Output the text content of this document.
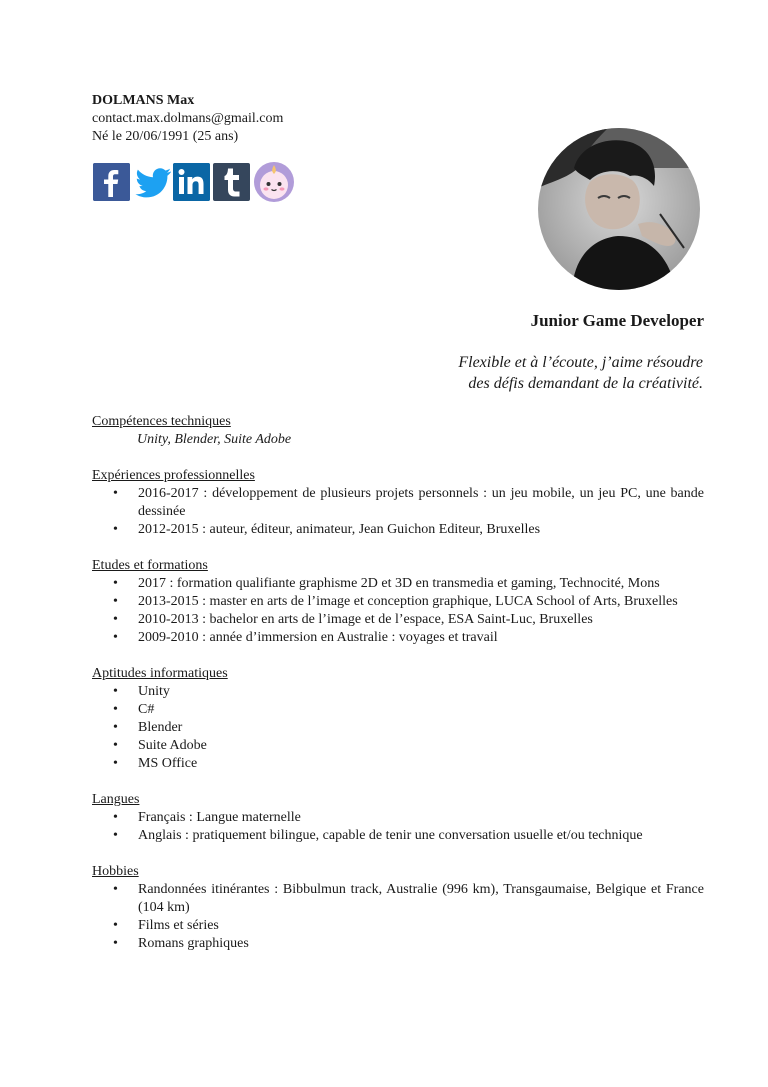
DOLMANS Max
contact.max.dolmans@gmail.com
Né le 20/06/1991 (25 ans)
Junior Game Developer
Flexible et à l’écoute, j’aime résoudre
des défis demandant de la créativité.
Compétences techniques
Unity, Blender, Suite Adobe
Expériences professionnelles
• 2016-2017 : développement de plusieurs projets personnels : un jeu mobile, un jeu PC, une bande dessinée
• 2012-2015 : auteur, éditeur, animateur, Jean Guichon Editeur, Bruxelles
Etudes et formations
• 2017 : formation qualifiante graphisme 2D et 3D en transmedia et gaming, Technocité, Mons
• 2013-2015 : master en arts de l’image et conception graphique, LUCA School of Arts, Bruxelles
• 2010-2013 : bachelor en arts de l’image et de l’espace, ESA Saint-Luc, Bruxelles
• 2009-2010 : année d’immersion en Australie : voyages et travail
Aptitudes informatiques
• Unity
• C#
• Blender
• Suite Adobe
• MS Office
Langues
• Français : Langue maternelle
• Anglais : pratiquement bilingue, capable de tenir une conversation usuelle et/ou technique
Hobbies
• Randonnées itinérantes : Bibbulmun track, Australie (996 km), Transgaumaise, Belgique et France (104 km)
• Films et séries
• Romans graphiques
